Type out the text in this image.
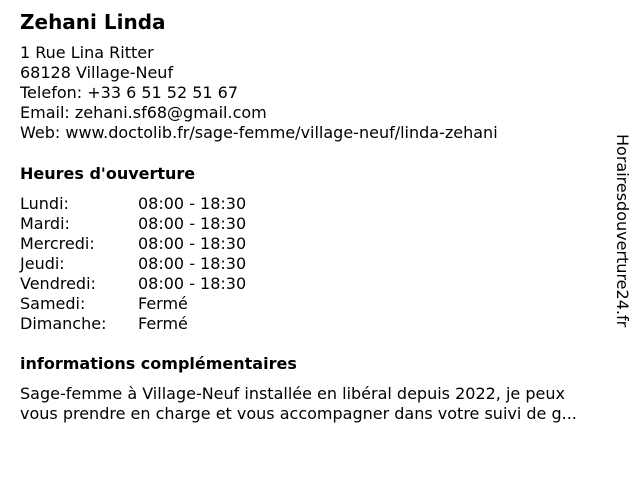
Zehani Linda
1 Rue Lina Ritter
68128 Village-Neuf
Telefon: +33 6 51 52 51 67
Email: zehani.sf68@gmail.com
Web: www.doctolib.fr/sage-femme/village-neuf/linda-zehani
Heures d'ouverture
Lundi:	08:00 - 18:30
Mardi:	08:00 - 18:30
Mercredi:	08:00 - 18:30
Jeudi:	08:00 - 18:30
Vendredi:	08:00 - 18:30
Samedi:	Fermé
Dimanche: Fermé
informations complémentaires
Sage-femme à Village-Neuf installée en libéral depuis 2022, je peux
vous prendre en charge et vous accompagner dans votre suivi de g...
Horairesdouverture24.fr
